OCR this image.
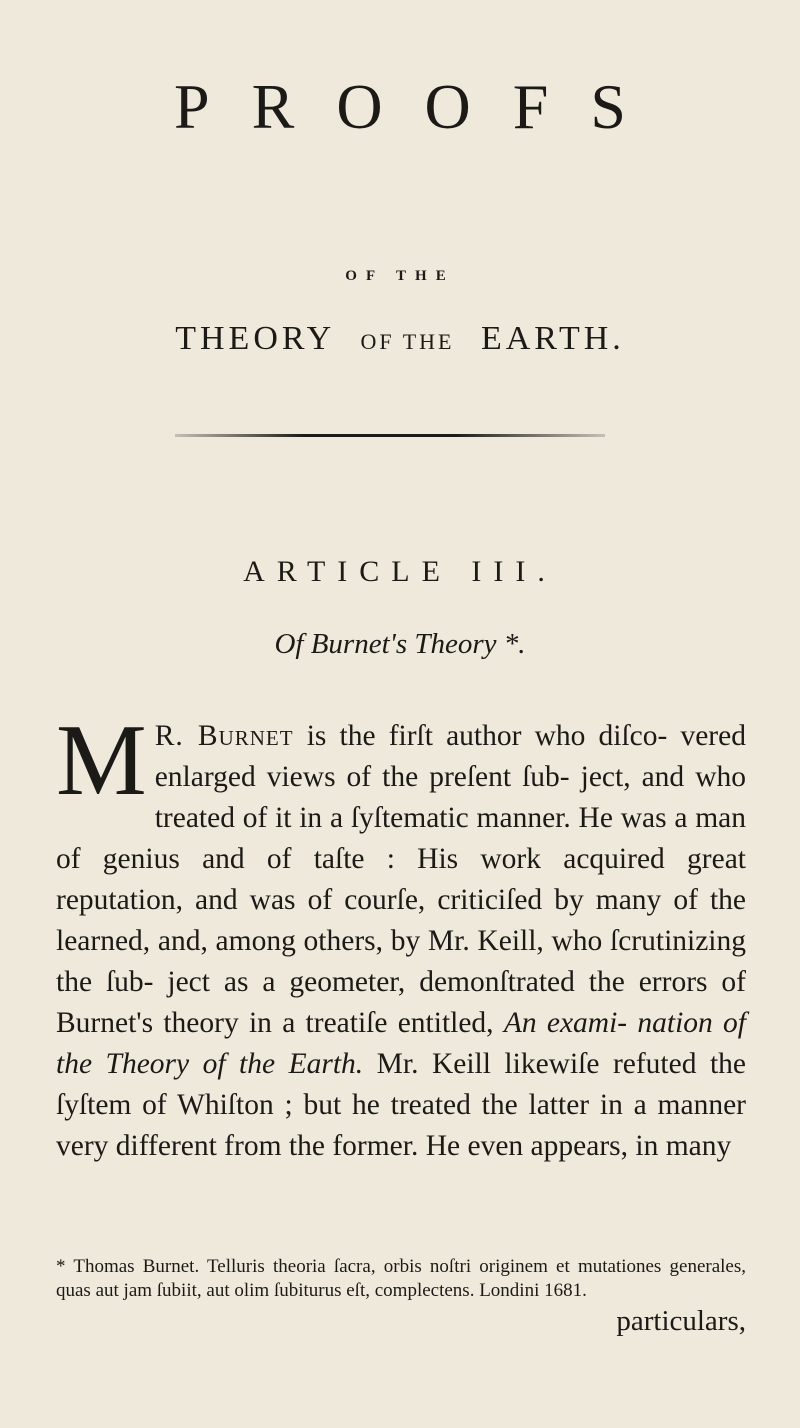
PROOFS
OF THE
THEORY OF THE EARTH.
ARTICLE III.
Of Burnet's Theory *.
M R. Burnet is the firſt author who diſco- vered enlarged views of the preſent ſub- ject, and who treated of it in a ſyſtematic manner. He was a man of genius and of taſte : His work acquired great reputation, and was of courſe, criticiſed by many of the learned, and, among others, by Mr. Keill, who ſcrutinizing the ſub- ject as a geometer, demonſtrated the errors of Burnet's theory in a treatiſe entitled, An exami- nation of the Theory of the Earth. Mr. Keill likewiſe refuted the ſyſtem of Whiſton ; but he treated the latter in a manner very different from the former. He even appears, in many
* Thomas Burnet. Telluris theoria ſacra, orbis noſtri originem et mutationes generales, quas aut jam ſubiit, aut olim ſubiturus eſt, complectens. Londini 1681.
particulars,
